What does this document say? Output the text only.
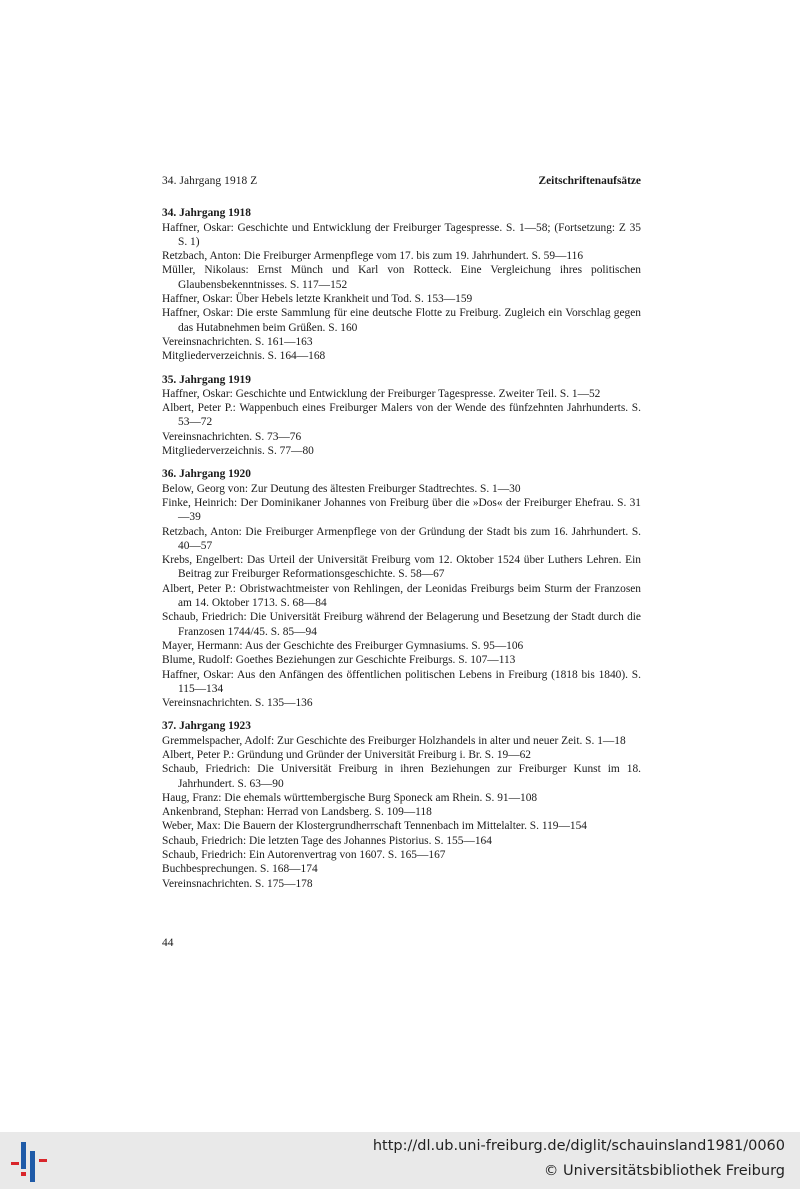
34. Jahrgang 1918 Z	Zeitschriftenaufsätze
34. Jahrgang 1918
Haffner, Oskar: Geschichte und Entwicklung der Freiburger Tagespresse. S. 1—58; (Fortsetzung: Z 35 S. 1)
Retzbach, Anton: Die Freiburger Armenpflege vom 17. bis zum 19. Jahrhundert. S. 59—116
Müller, Nikolaus: Ernst Münch und Karl von Rotteck. Eine Vergleichung ihres politischen Glaubensbekenntnisses. S. 117—152
Haffner, Oskar: Über Hebels letzte Krankheit und Tod. S. 153—159
Haffner, Oskar: Die erste Sammlung für eine deutsche Flotte zu Freiburg. Zugleich ein Vorschlag gegen das Hutabnehmen beim Grüßen. S. 160
Vereinsnachrichten. S. 161—163
Mitgliederverzeichnis. S. 164—168
35. Jahrgang 1919
Haffner, Oskar: Geschichte und Entwicklung der Freiburger Tagespresse. Zweiter Teil. S. 1—52
Albert, Peter P.: Wappenbuch eines Freiburger Malers von der Wende des fünfzehnten Jahrhunderts. S. 53—72
Vereinsnachrichten. S. 73—76
Mitgliederverzeichnis. S. 77—80
36. Jahrgang 1920
Below, Georg von: Zur Deutung des ältesten Freiburger Stadtrechtes. S. 1—30
Finke, Heinrich: Der Dominikaner Johannes von Freiburg über die »Dos« der Freiburger Ehefrau. S. 31—39
Retzbach, Anton: Die Freiburger Armenpflege von der Gründung der Stadt bis zum 16. Jahrhundert. S. 40—57
Krebs, Engelbert: Das Urteil der Universität Freiburg vom 12. Oktober 1524 über Luthers Lehren. Ein Beitrag zur Freiburger Reformationsgeschichte. S. 58—67
Albert, Peter P.: Obristwachtmeister von Rehlingen, der Leonidas Freiburgs beim Sturm der Franzosen am 14. Oktober 1713. S. 68—84
Schaub, Friedrich: Die Universität Freiburg während der Belagerung und Besetzung der Stadt durch die Franzosen 1744/45. S. 85—94
Mayer, Hermann: Aus der Geschichte des Freiburger Gymnasiums. S. 95—106
Blume, Rudolf: Goethes Beziehungen zur Geschichte Freiburgs. S. 107—113
Haffner, Oskar: Aus den Anfängen des öffentlichen politischen Lebens in Freiburg (1818 bis 1840). S. 115—134
Vereinsnachrichten. S. 135—136
37. Jahrgang 1923
Gremmelspacher, Adolf: Zur Geschichte des Freiburger Holzhandels in alter und neuer Zeit. S. 1—18
Albert, Peter P.: Gründung und Gründer der Universität Freiburg i. Br. S. 19—62
Schaub, Friedrich: Die Universität Freiburg in ihren Beziehungen zur Freiburger Kunst im 18. Jahrhundert. S. 63—90
Haug, Franz: Die ehemals württembergische Burg Sponeck am Rhein. S. 91—108
Ankenbrand, Stephan: Herrad von Landsberg. S. 109—118
Weber, Max: Die Bauern der Klostergrundherrschaft Tennenbach im Mittelalter. S. 119—154
Schaub, Friedrich: Die letzten Tage des Johannes Pistorius. S. 155—164
Schaub, Friedrich: Ein Autorenvertrag von 1607. S. 165—167
Buchbesprechungen. S. 168—174
Vereinsnachrichten. S. 175—178
44
http://dl.ub.uni-freiburg.de/diglit/schauinsland1981/0060
© Universitätsbibliothek Freiburg
